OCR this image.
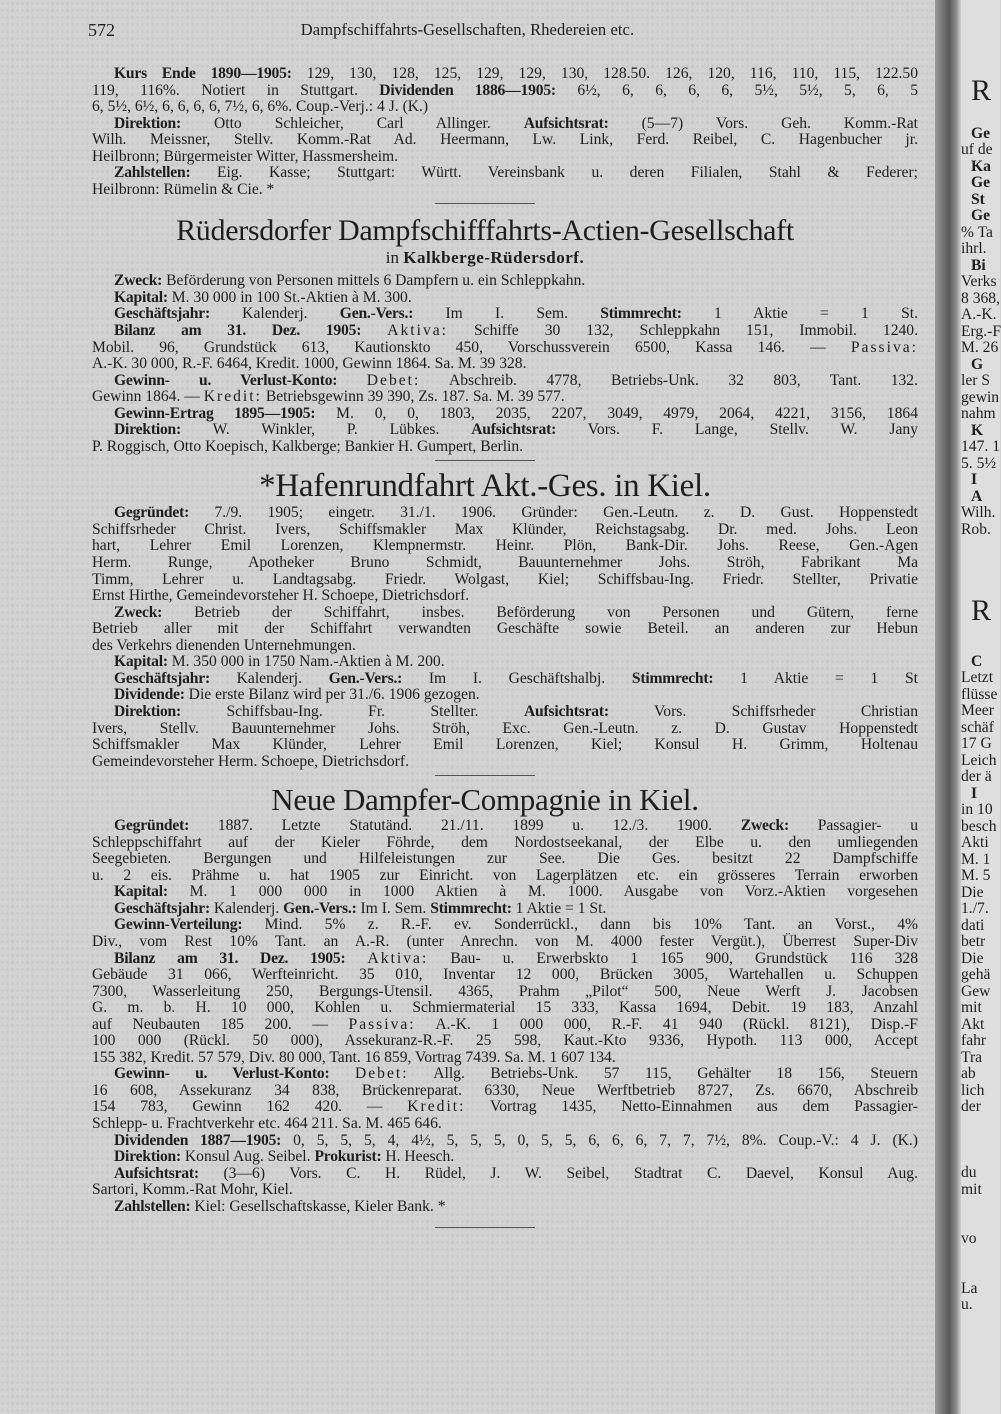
572	Dampfschiffahrts-Gesellschaften, Rhedereien etc.
Kurs Ende 1890—1905: 129, 130, 128, 125, 129, 129, 130, 128.50. 126, 120, 116, 110, 115, 122.50
119, 116%. Notiert in Stuttgart. Dividenden 1886—1905: 6½, 6, 6, 6, 6, 5½, 5½, 5, 6, 5
6, 5½, 6½, 6, 6, 6, 6, 7½, 6, 6%. Coup.-Verj.: 4 J. (K.)
Direktion: Otto Schleicher, Carl Allinger. Aufsichtsrat: (5—7) Vors. Geh. Komm.-Rat
Wilh. Meissner, Stellv. Komm.-Rat Ad. Heermann, Lw. Link, Ferd. Reibel, C. Hagenbucher jr.
Heilbronn; Bürgermeister Witter, Hassmersheim.
Zahlstellen: Eig. Kasse; Stuttgart: Württ. Vereinsbank u. deren Filialen, Stahl & Federer;
Heilbronn: Rümelin & Cie. *
Rüdersdorfer Dampfschifffahrts-Actien-Gesellschaft
in Kalkberge-Rüdersdorf.
Zweck: Beförderung von Personen mittels 6 Dampfern u. ein Schleppkahn.
Kapital: M. 30 000 in 100 St.-Aktien à M. 300.
Geschäftsjahr: Kalenderj. Gen.-Vers.: Im I. Sem. Stimmrecht: 1 Aktie = 1 St.
Bilanz am 31. Dez. 1905: Aktiva: Schiffe 30 132, Schleppkahn 151, Immobil. 1240.
Mobil. 96, Grundstück 613, Kautionskto 450, Vorschussverein 6500, Kassa 146. — Passiva:
A.-K. 30 000, R.-F. 6464, Kredit. 1000, Gewinn 1864. Sa. M. 39 328.
Gewinn- u. Verlust-Konto: Debet: Abschreib. 4778, Betriebs-Unk. 32 803, Tant. 132.
Gewinn 1864. — Kredit: Betriebsgewinn 39 390, Zs. 187. Sa. M. 39 577.
Gewinn-Ertrag 1895—1905: M. 0, 0, 1803, 2035, 2207, 3049, 4979, 2064, 4221, 3156, 1864
Direktion: W. Winkler, P. Lübkes. Aufsichtsrat: Vors. F. Lange, Stellv. W. Jany
P. Roggisch, Otto Koepisch, Kalkberge; Bankier H. Gumpert, Berlin.
*Hafenrundfahrt Akt.-Ges. in Kiel.
Gegründet: 7./9. 1905; eingetr. 31./1. 1906. Gründer: Gen.-Leutn. z. D. Gust. Hoppenstedt
Schiffsrheder Christ. Ivers, Schiffsmakler Max Klünder, Reichstagsabg. Dr. med. Johs. Leon
hart, Lehrer Emil Lorenzen, Klempnermstr. Heinr. Plön, Bank-Dir. Johs. Reese, Gen.-Agen
Herm. Runge, Apotheker Bruno Schmidt, Bauunternehmer Johs. Ströh, Fabrikant Ma
Timm, Lehrer u. Landtagsabg. Friedr. Wolgast, Kiel; Schiffsbau-Ing. Friedr. Stellter, Privatie
Ernst Hirthe, Gemeindevorsteher H. Schoepe, Dietrichsdorf.
Zweck: Betrieb der Schiffahrt, insbes. Beförderung von Personen und Gütern, ferne
Betrieb aller mit der Schiffahrt verwandten Geschäfte sowie Beteil. an anderen zur Hebun
des Verkehrs dienenden Unternehmungen.
Kapital: M. 350 000 in 1750 Nam.-Aktien à M. 200.
Geschäftsjahr: Kalenderj. Gen.-Vers.: Im I. Geschäftshalbj. Stimmrecht: 1 Aktie = 1 St
Dividende: Die erste Bilanz wird per 31./6. 1906 gezogen.
Direktion: Schiffsbau-Ing. Fr. Stellter. Aufsichtsrat: Vors. Schiffsrheder Christian
Ivers, Stellv. Bauunternehmer Johs. Ströh, Exc. Gen.-Leutn. z. D. Gustav Hoppenstedt
Schiffsmakler Max Klünder, Lehrer Emil Lorenzen, Kiel; Konsul H. Grimm, Holtenau
Gemeindevorsteher Herm. Schoepe, Dietrichsdorf.
Neue Dampfer-Compagnie in Kiel.
Gegründet: 1887. Letzte Statutänd. 21./11. 1899 u. 12./3. 1900. Zweck: Passagier- u
Schleppschiffahrt auf der Kieler Föhrde, dem Nordostseekanal, der Elbe u. den umliegenden
Seegebieten. Bergungen und Hilfeleistungen zur See. Die Ges. besitzt 22 Dampfschiffe
u. 2 eis. Prähme u. hat 1905 zur Einricht. von Lagerplätzen etc. ein grösseres Terrain erworben
Kapital: M. 1 000 000 in 1000 Aktien à M. 1000. Ausgabe von Vorz.-Aktien vorgesehen
Geschäftsjahr: Kalenderj. Gen.-Vers.: Im I. Sem. Stimmrecht: 1 Aktie = 1 St.
Gewinn-Verteilung: Mind. 5% z. R.-F. ev. Sonderrückl., dann bis 10% Tant. an Vorst., 4%
Div., vom Rest 10% Tant. an A.-R. (unter Anrechn. von M. 4000 fester Vergüt.), Überrest Super-Div
Bilanz am 31. Dez. 1905: Aktiva: Bau- u. Erwerbskto 1 165 900, Grundstück 116 328
Gebäude 31 066, Werfteinricht. 35 010, Inventar 12 000, Brücken 3005, Wartehallen u. Schuppen
7300, Wasserleitung 250, Bergungs-Utensil. 4365, Prahm „Pilot“ 500, Neue Werft J. Jacobsen
G. m. b. H. 10 000, Kohlen u. Schmiermaterial 15 333, Kassa 1694, Debit. 19 183, Anzahl
auf Neubauten 185 200. — Passiva: A.-K. 1 000 000, R.-F. 41 940 (Rückl. 8121), Disp.-F
100 000 (Rückl. 50 000), Assekuranz-R.-F. 25 598, Kaut.-Kto 9336, Hypoth. 113 000, Accept
155 382, Kredit. 57 579, Div. 80 000, Tant. 16 859, Vortrag 7439. Sa. M. 1 607 134.
Gewinn- u. Verlust-Konto: Debet: Allg. Betriebs-Unk. 57 115, Gehälter 18 156, Steuern
16 608, Assekuranz 34 838, Brückenreparat. 6330, Neue Werftbetrieb 8727, Zs. 6670, Abschreib
154 783, Gewinn 162 420. — Kredit: Vortrag 1435, Netto-Einnahmen aus dem Passagier-
Schlepp- u. Frachtverkehr etc. 464 211. Sa. M. 465 646.
Dividenden 1887—1905: 0, 5, 5, 5, 4, 4½, 5, 5, 5, 0, 5, 5, 6, 6, 6, 7, 7, 7½, 8%. Coup.-V.: 4 J. (K.)
Direktion: Konsul Aug. Seibel. Prokurist: H. Heesch.
Aufsichtsrat: (3—6) Vors. C. H. Rüdel, J. W. Seibel, Stadtrat C. Daevel, Konsul Aug.
Sartori, Komm.-Rat Mohr, Kiel.
Zahlstellen: Kiel: Gesellschaftskasse, Kieler Bank. *
R
Ge
uf de
Ka
Ge
St
Ge
% Ta
ihrl.
Bi
Verks
8 368,
A.-K.
Erg.-F
M. 26
G
ler S
gewin
nahm
K
147. 1
5. 5½
I
A
Wilh.
Rob.
R
C
Letzt
flüsse
Meer
schäf
17 G
Leich
der ä
I
in 10
besch
Akti
M. 1
M. 5
Die
1./7.
dati
betr
Die
gehä
Gew
mit
Akt
fahr
Tra
ab
lich
der
du
mit
vo
La
u.
